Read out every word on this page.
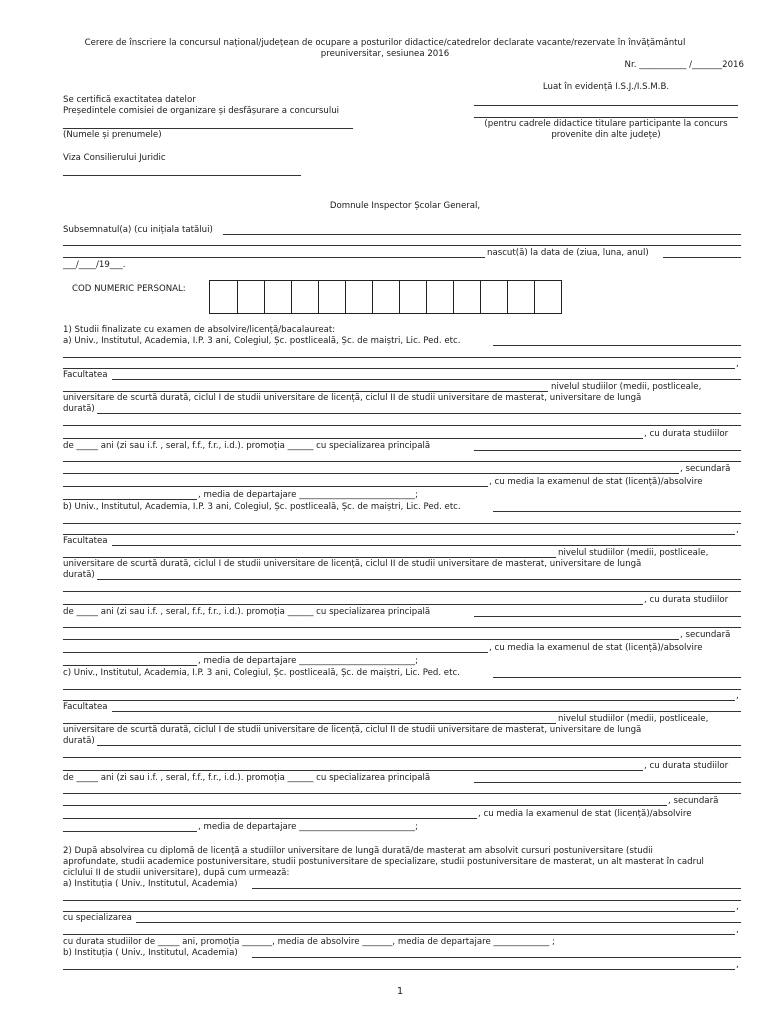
Cerere de înscriere la concursul național/județean de ocupare a posturilor didactice/catedrelor declarate vacante/rezervate în învățământul
preuniversitar, sesiunea 2016
Nr. ___________ /_______2016
Luat în evidență I.S.J./I.S.M.B.
(pentru cadrele didactice titulare participante la concurs
provenite din alte județe)
Se certifică exactitatea datelor
Președintele comisiei de organizare și desfășurare a concursului
(Numele și prenumele)
Viza Consilierului Juridic
Domnule Inspector Școlar General,
Subsemnatul(a) (cu inițiala tatălui)
nascut(ă) la data de (ziua, luna, anul)
___/____/19___.
COD NUMERIC PERSONAL:
1) Studii finalizate cu examen de absolvire/licență/bacalaureat:
a) Univ., Institutul, Academia, I.P. 3 ani, Colegiul, Șc. postliceală, Șc. de maiștri, Lic. Ped. etc.
,
Facultatea
nivelul studiilor (medii, postliceale,
universitare de scurtă durată, ciclul I de studii universitare de licență, ciclul II de studii universitare de masterat, universitare de lungă
durată)
, cu durata studiilor
de _____ ani (zi sau i.f. , seral, f.f., f.r., i.d.). promoția ______ cu specializarea principală
, secundară
, cu media la examenul de stat (licență)/absolvire
, media de departajare ___________________________;
b) Univ., Institutul, Academia, I.P. 3 ani, Colegiul, Șc. postliceală, Șc. de maiștri, Lic. Ped. etc.
,
Facultatea
nivelul studiilor (medii, postliceale,
universitare de scurtă durată, ciclul I de studii universitare de licență, ciclul II de studii universitare de masterat, universitare de lungă
durată)
, cu durata studiilor
de _____ ani (zi sau i.f. , seral, f.f., f.r., i.d.). promoția ______ cu specializarea principală
, secundară
, cu media la examenul de stat (licență)/absolvire
, media de departajare ___________________________;
c) Univ., Institutul, Academia, I.P. 3 ani, Colegiul, Șc. postliceală, Șc. de maiștri, Lic. Ped. etc.
,
Facultatea
nivelul studiilor (medii, postliceale,
universitare de scurtă durată, ciclul I de studii universitare de licență, ciclul II de studii universitare de masterat, universitare de lungă
durată)
, cu durata studiilor
de _____ ani (zi sau i.f. , seral, f.f., f.r., i.d.). promoția ______ cu specializarea principală
, secundară
, cu media la examenul de stat (licență)/absolvire
, media de departajare ___________________________;
2) După absolvirea cu diplomă de licență a studiilor universitare de lungă durată/de masterat am absolvit cursuri postuniversitare (studii
aprofundate, studii academice postuniversitare, studii postuniversitare de specializare, studii postuniversitare de masterat, un alt masterat în cadrul
ciclului II de studii universitare), după cum urmează:
a) Instituția ( Univ., Institutul, Academia)
,
cu specializarea
,
cu durata studiilor de _____ ani, promoția _______, media de absolvire _______, media de departajare _____________ ;
b) Instituția ( Univ., Institutul, Academia)
,
1
